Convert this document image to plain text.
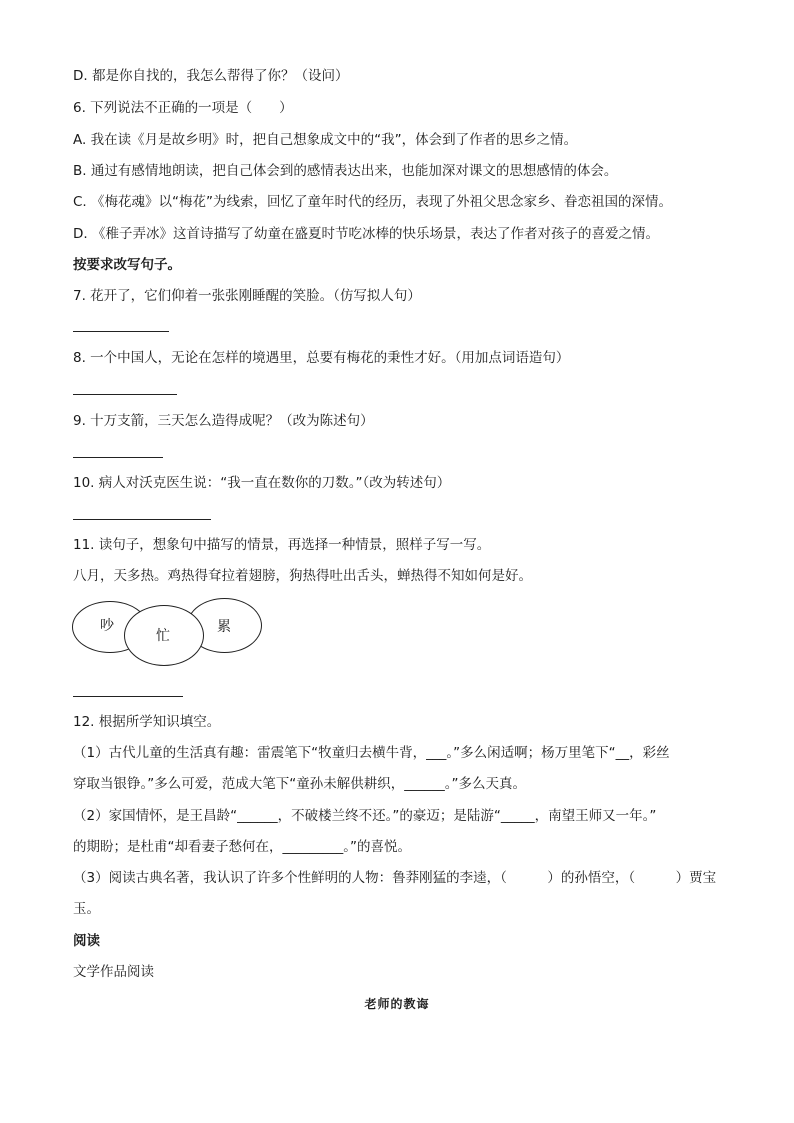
D. 都是你自找的，我怎么帮得了你？（设问）
6. 下列说法不正确的一项是（　　）
A. 我在读《月是故乡明》时，把自己想象成文中的“我”，体会到了作者的思乡之情。
B. 通过有感情地朗读，把自己体会到的感情表达出来，也能加深对课文的思想感情的体会。
C. 《梅花魂》以“梅花”为线索，回忆了童年时代的经历，表现了外祖父思念家乡、眷恋祖国的深情。
D. 《稚子弄冰》这首诗描写了幼童在盛夏时节吃冰棒的快乐场景，表达了作者对孩子的喜爱之情。
按要求改写句子。
7. 花开了，它们仰着一张张刚睡醒的笑脸。（仿写拟人句）
8. 一个中国人，无论在怎样的境遇里，总要有梅花的秉性才好。（用加点词语造句）
9. 十万支箭，三天怎么造得成呢？（改为陈述句）
10. 病人对沃克医生说：“我一直在数你的刀数。”（改为转述句）
11. 读句子，想象句中描写的情景，再选择一种情景，照样子写一写。
八月，天多热。鸡热得耷拉着翅膀，狗热得吐出舌头，蝉热得不知如何是好。
吵
忙
累
12. 根据所学知识填空。
（1）古代儿童的生活真有趣：雷震笔下“牧童归去横牛背，___。”多么闲适啊；杨万里笔下“__，彩丝
穿取当银铮。”多么可爱，范成大笔下“童孙未解供耕织，______。”多么天真。
（2）家国情怀，是王昌龄“______，不破楼兰终不还。”的豪迈；是陆游“_____，南望王师又一年。”
的期盼；是杜甫“却看妻子愁何在，_________。”的喜悦。
（3）阅读古典名著，我认识了许多个性鲜明的人物：鲁莽刚猛的李逵，（　　　）的孙悟空，（　　　）贾宝
玉。
阅读
文学作品阅读
老师的教诲
